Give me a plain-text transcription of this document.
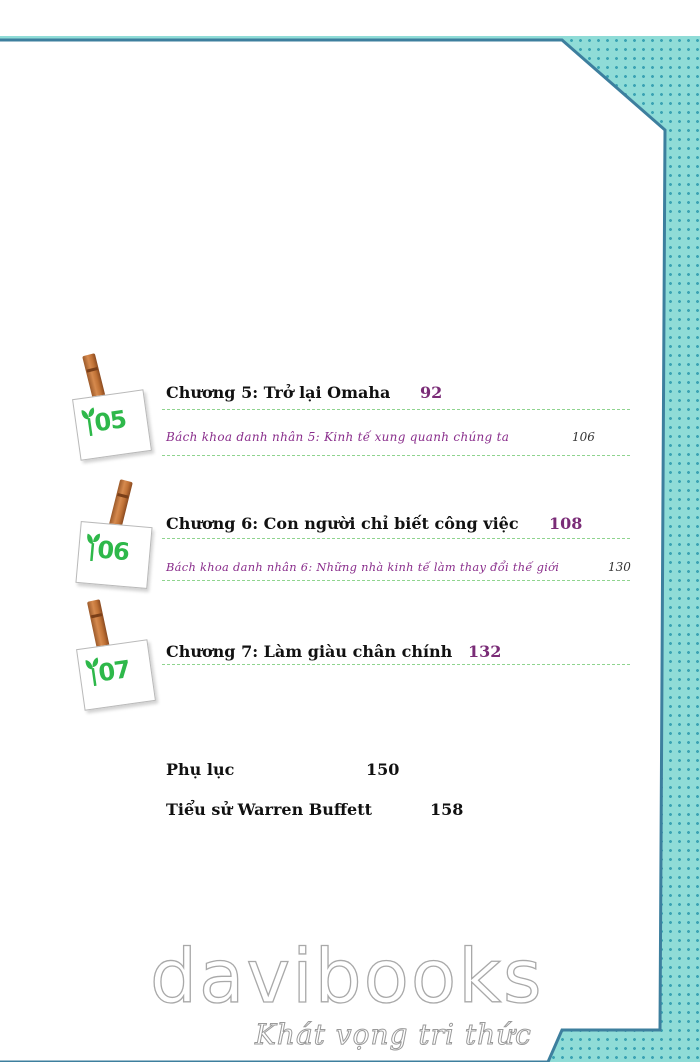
05
Chương 5: Trở lại Omaha 92
Bách khoa danh nhân 5: Kinh tế xung quanh chúng ta	106
06
Chương 6: Con người chỉ biết công việc 108
Bách khoa danh nhân 6: Những nhà kinh tế làm thay đổi thế giới	130
07
Chương 7: Làm giàu chân chính 132
Phụ lục	150
Tiểu sử Warren Buffett	158
davibooks
Khát vọng tri thức
